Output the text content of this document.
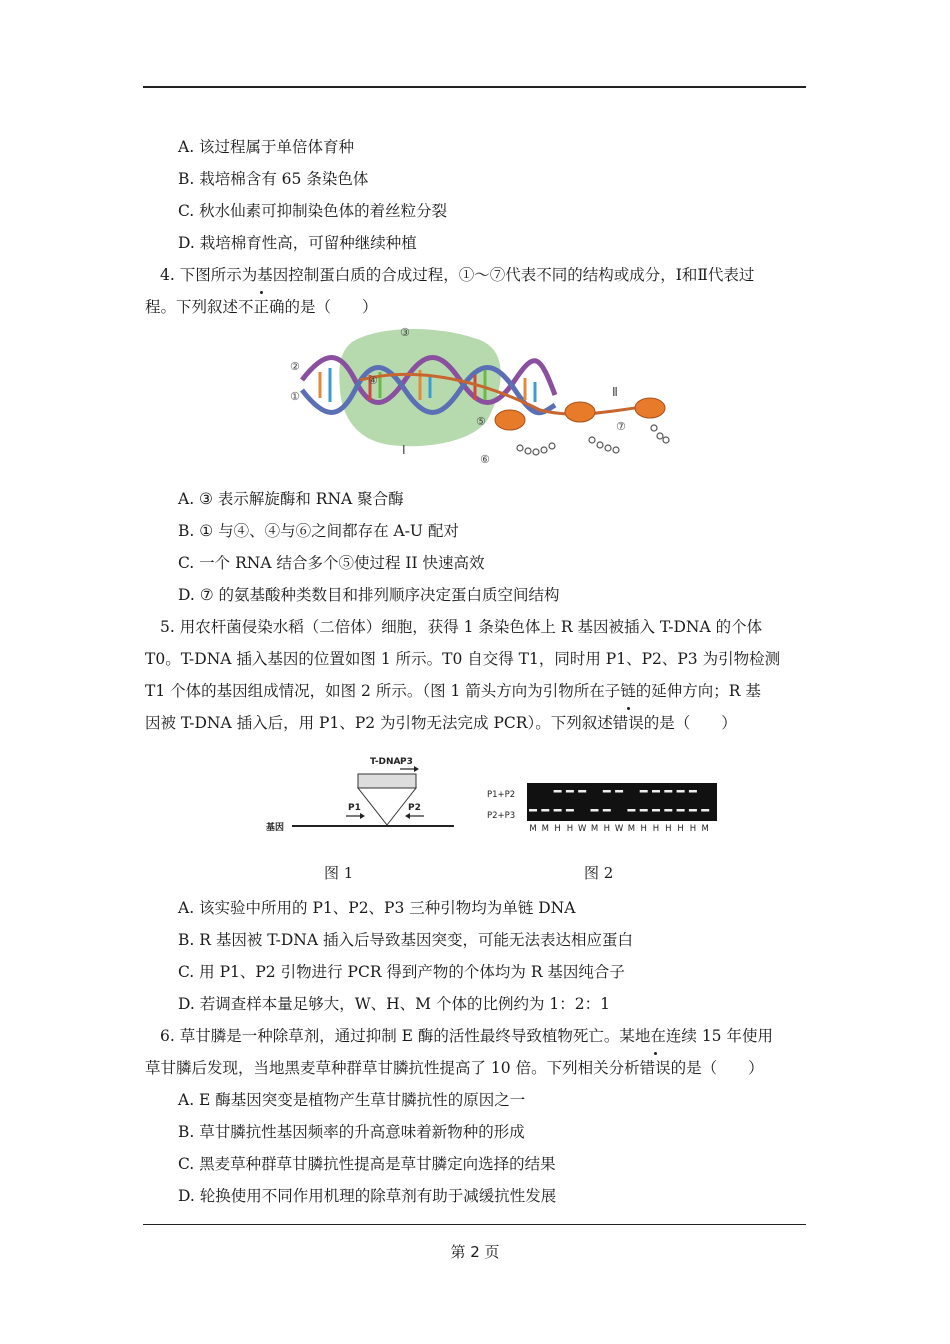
A. 该过程属于单倍体育种
B. 栽培棉含有 65 条染色体
C. 秋水仙素可抑制染色体的着丝粒分裂
D. 栽培棉育性高，可留种继续种植
4. 下图所示为基因控制蛋白质的合成过程，①～⑦代表不同的结构或成分，Ⅰ和Ⅱ代表过
程。下列叙述不正确的是（　　）
②
①
③
④
⑤
⑥
⑦
Ⅰ
Ⅱ
A. ③ 表示解旋酶和 RNA 聚合酶
B. ① 与④、④与⑥之间都存在 A-U 配对
C. 一个 RNA 结合多个⑤使过程 II 快速高效
D. ⑦ 的氨基酸种类数目和排列顺序决定蛋白质空间结构
5. 用农杆菌侵染水稻（二倍体）细胞，获得 1 条染色体上 R 基因被插入 T-DNA 的个体
T0。T-DNA 插入基因的位置如图 1 所示。T0 自交得 T1，同时用 P1、P2、P3 为引物检测
T1 个体的基因组成情况，如图 2 所示。（图 1 箭头方向为引物所在子链的延伸方向；R 基
因被 T-DNA 插入后，用 P1、P2 为引物无法完成 PCR）。下列叙述错误的是（　　）
T-DNA P3
基因
P1	P2
图 1
P1+P2
P2+P3
M M H H W M H W M H H H H H M
图 2
A. 该实验中所用的 P1、P2、P3 三种引物均为单链 DNA
B. R 基因被 T-DNA 插入后导致基因突变，可能无法表达相应蛋白
C. 用 P1、P2 引物进行 PCR 得到产物的个体均为 R 基因纯合子
D. 若调查样本量足够大，W、H、M 个体的比例约为 1：2：1
6. 草甘膦是一种除草剂，通过抑制 E 酶的活性最终导致植物死亡。某地在连续 15 年使用
草甘膦后发现，当地黑麦草种群草甘膦抗性提高了 10 倍。下列相关分析错误的是（　　）
A. E 酶基因突变是植物产生草甘膦抗性的原因之一
B. 草甘膦抗性基因频率的升高意味着新物种的形成
C. 黑麦草种群草甘膦抗性提高是草甘膦定向选择的结果
D. 轮换使用不同作用机理的除草剂有助于减缓抗性发展
第 2 页
